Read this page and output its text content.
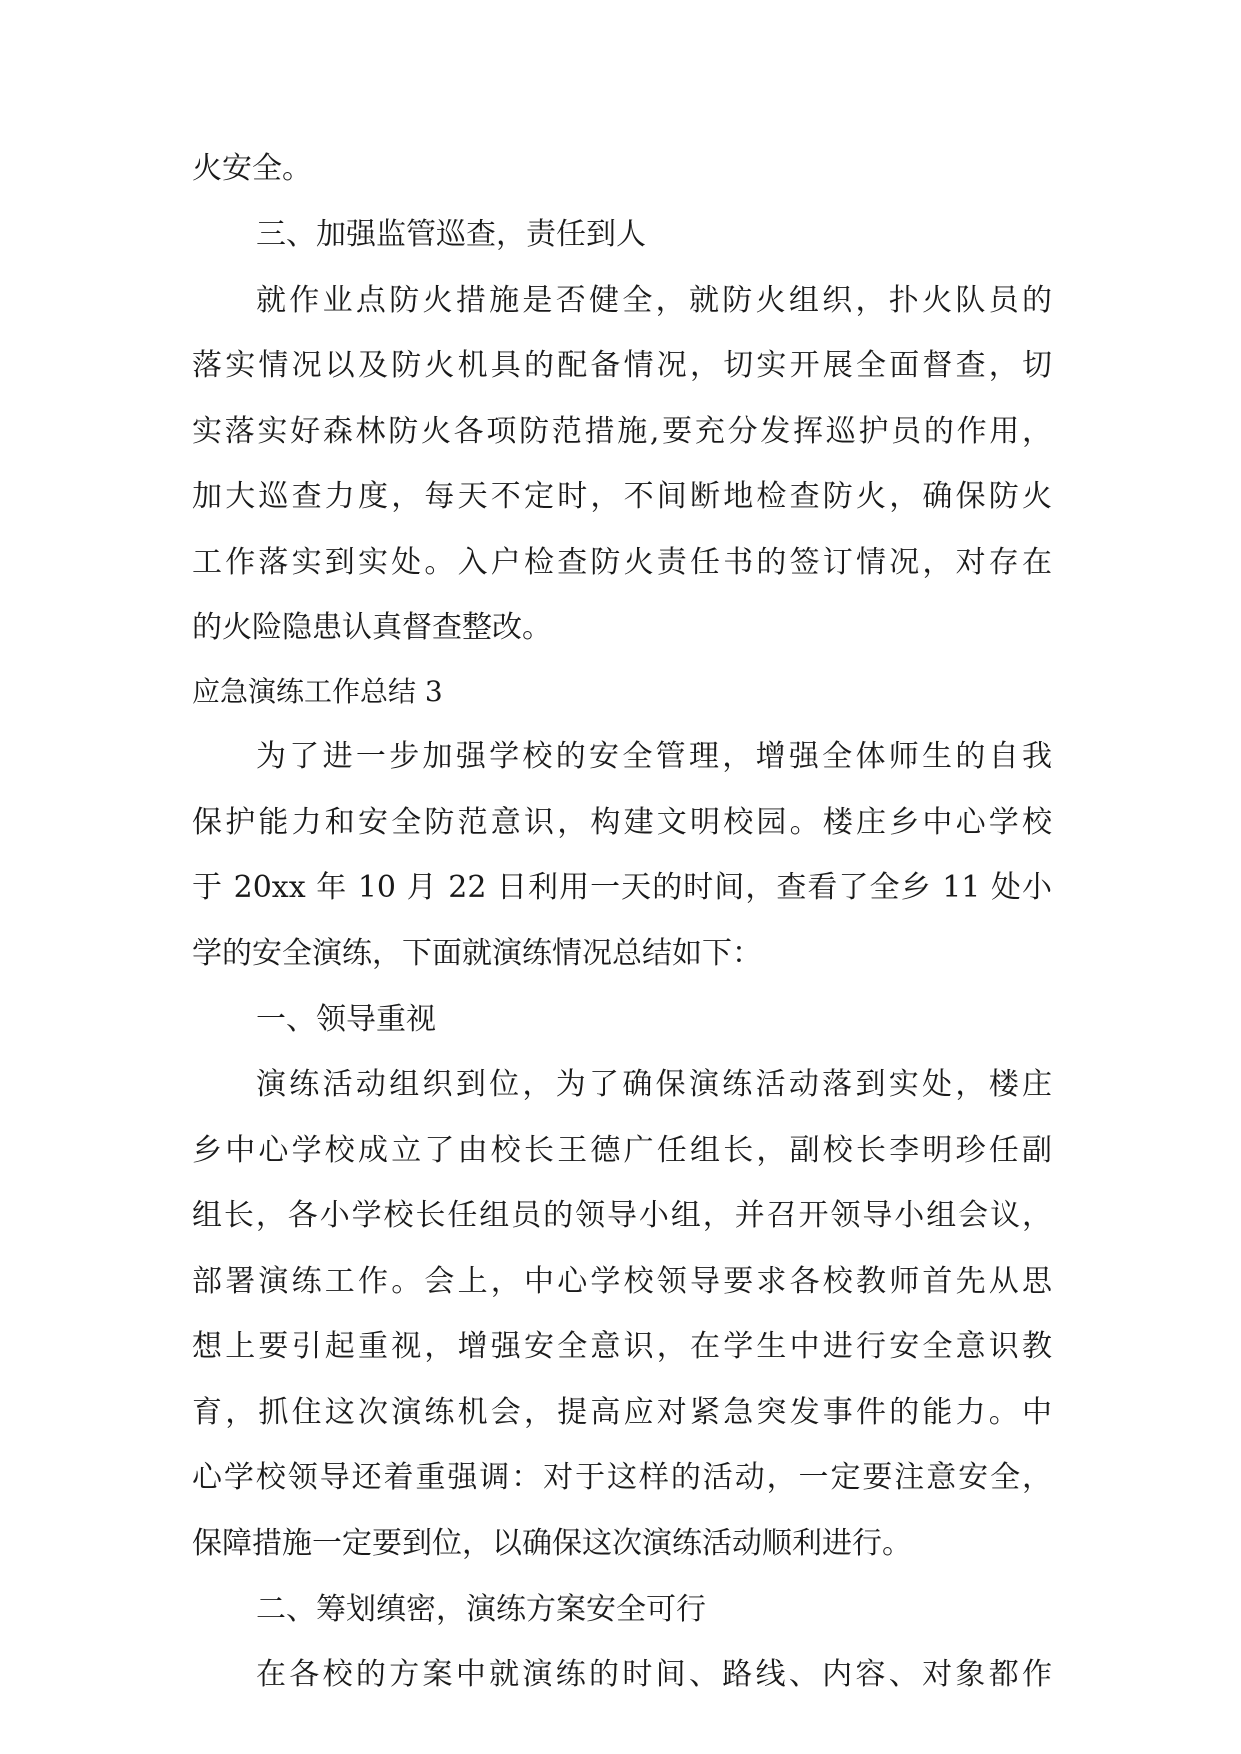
火安全。
三、加强监管巡查，责任到人
就作业点防火措施是否健全，就防火组织，扑火队员的
落实情况以及防火机具的配备情况，切实开展全面督查，切
实落实好森林防火各项防范措施,要充分发挥巡护员的作用，
加大巡查力度，每天不定时，不间断地检查防火，确保防火
工作落实到实处。入户检查防火责任书的签订情况，对存在
的火险隐患认真督查整改。
应急演练工作总结 3
为了进一步加强学校的安全管理，增强全体师生的自我
保护能力和安全防范意识，构建文明校园。楼庄乡中心学校
于 20xx 年 10 月 22 日利用一天的时间，查看了全乡 11 处小
学的安全演练，下面就演练情况总结如下：
一、领导重视
演练活动组织到位，为了确保演练活动落到实处，楼庄
乡中心学校成立了由校长王德广任组长，副校长李明珍任副
组长，各小学校长任组员的领导小组，并召开领导小组会议，
部署演练工作。会上，中心学校领导要求各校教师首先从思
想上要引起重视，增强安全意识，在学生中进行安全意识教
育，抓住这次演练机会，提高应对紧急突发事件的能力。中
心学校领导还着重强调：对于这样的活动，一定要注意安全，
保障措施一定要到位，以确保这次演练活动顺利进行。
二、筹划缜密，演练方案安全可行
在各校的方案中就演练的时间、路线、内容、对象都作
